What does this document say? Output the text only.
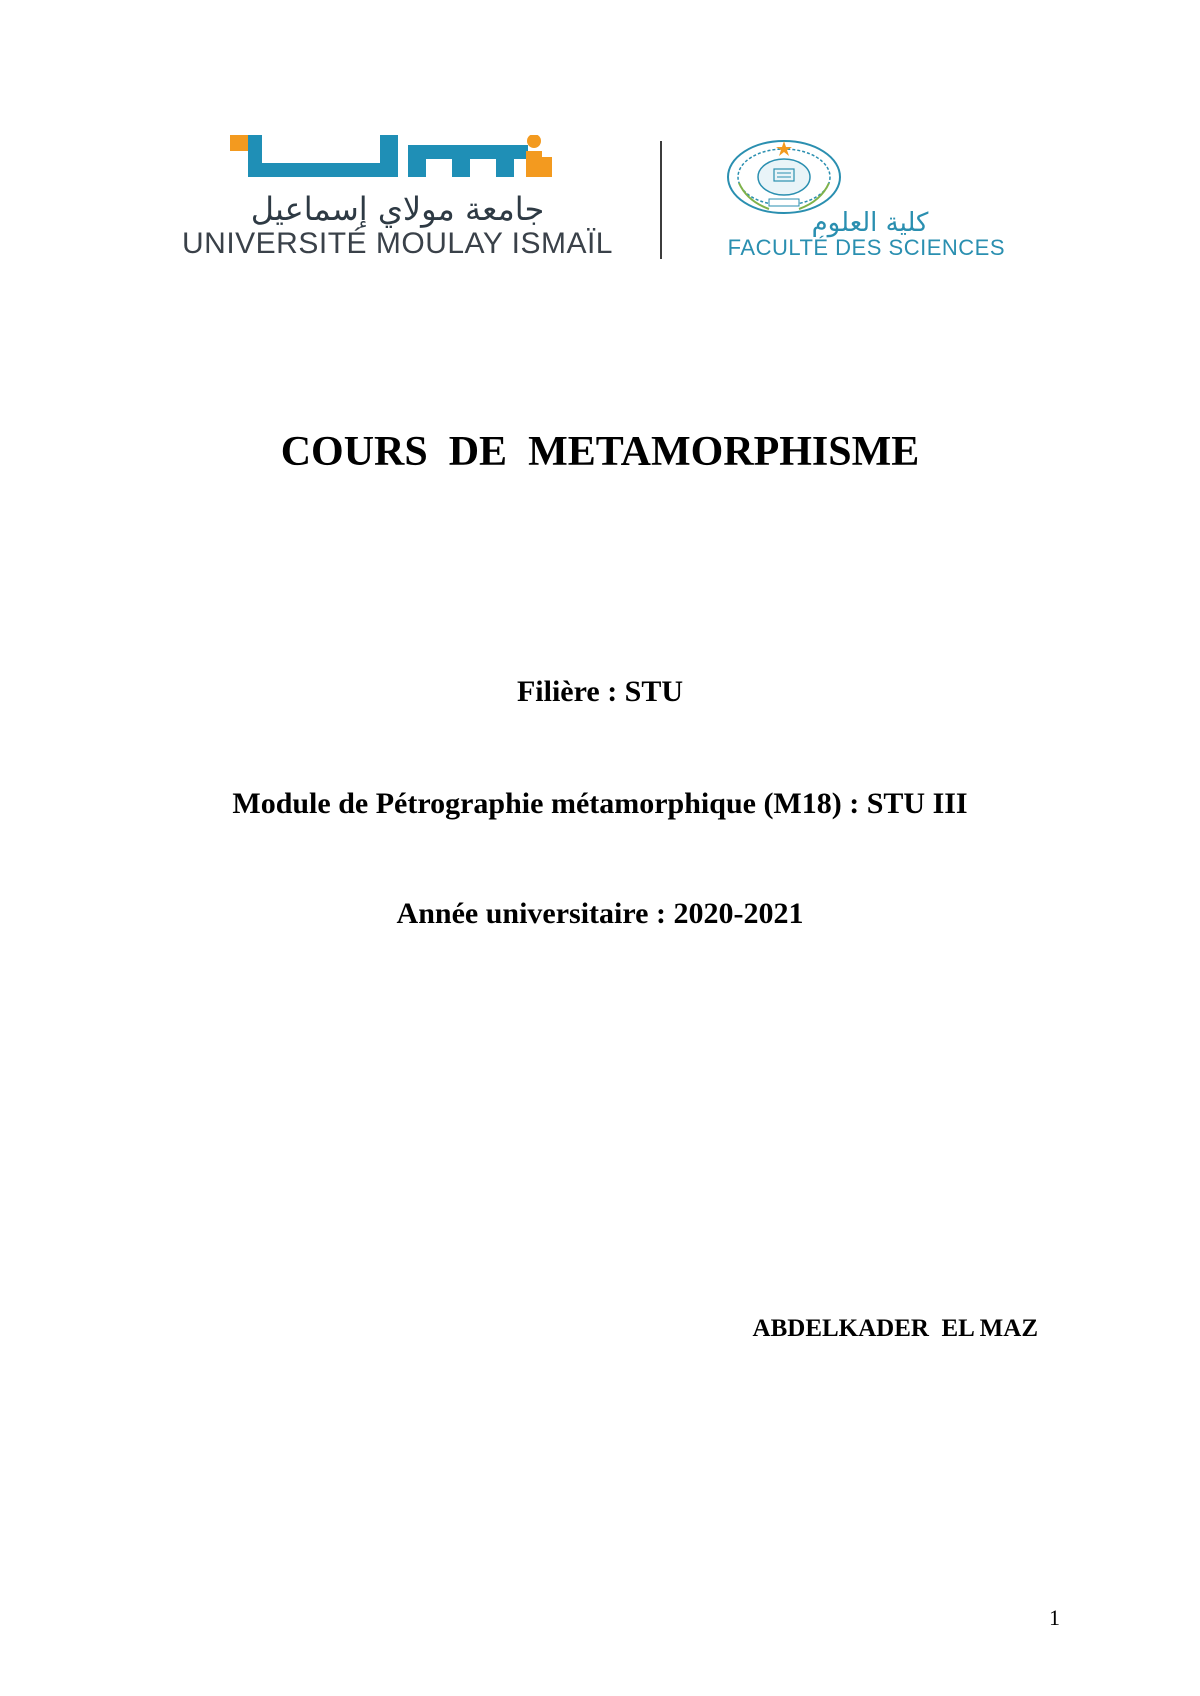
جامعة مولاي إسماعيل
UNIVERSITÉ MOULAY ISMAÏL
كلية العلوم
FACULTÉ DES SCIENCES
COURS  DE  METAMORPHISME
Filière : STU
Module de Pétrographie métamorphique (M18) : STU III
Année universitaire : 2020-2021
ABDELKADER  EL MAZ
1
